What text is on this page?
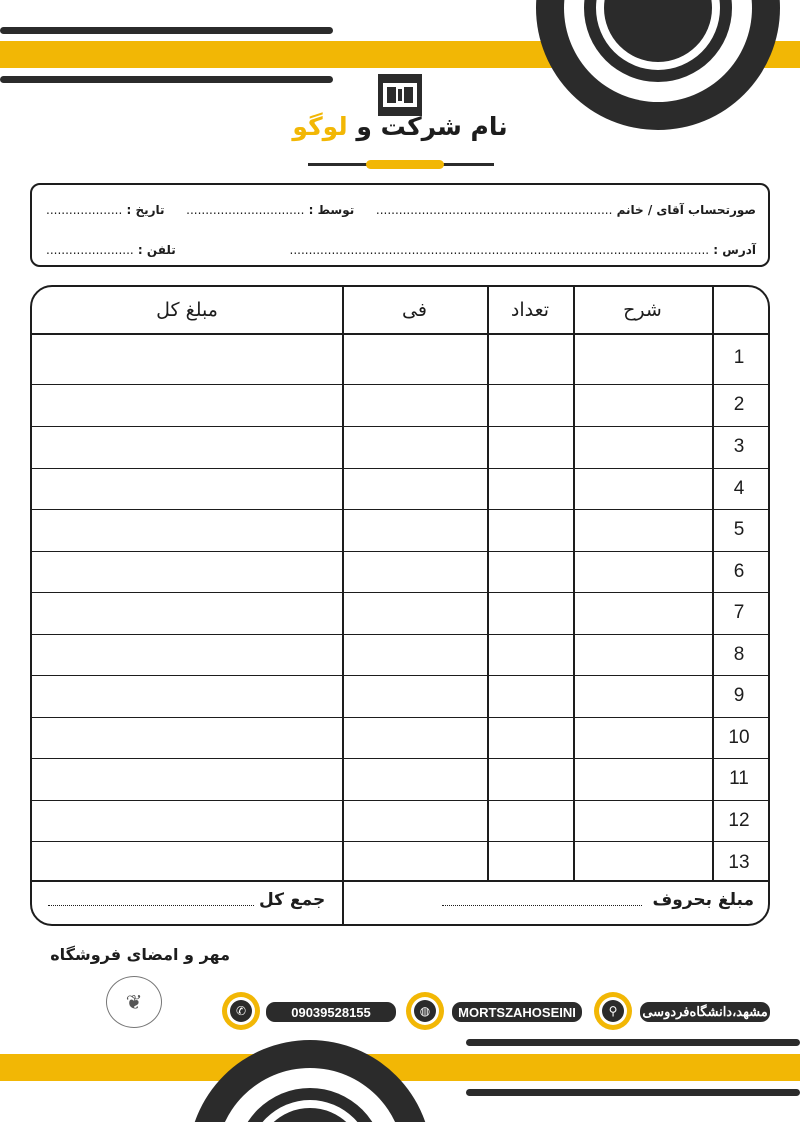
نام شرکت و لوگو
صورتحساب آقای / خانم ..............................................................
توسط : ...............................
تاریخ : ....................
آدرس : ..............................................................................................................
تلفن : .......................
شرح
تعداد
فی
مبلغ کل
1
2
3
4
5
6
7
8
9
10
11
12
13
مبلغ بحروف
جمع کل
مهر و امضای فروشگاه
❦	مشهد،دانشگاه‌فردوسی
⚲
MORTSZAHOSEINI
◍
09039528155
✆
